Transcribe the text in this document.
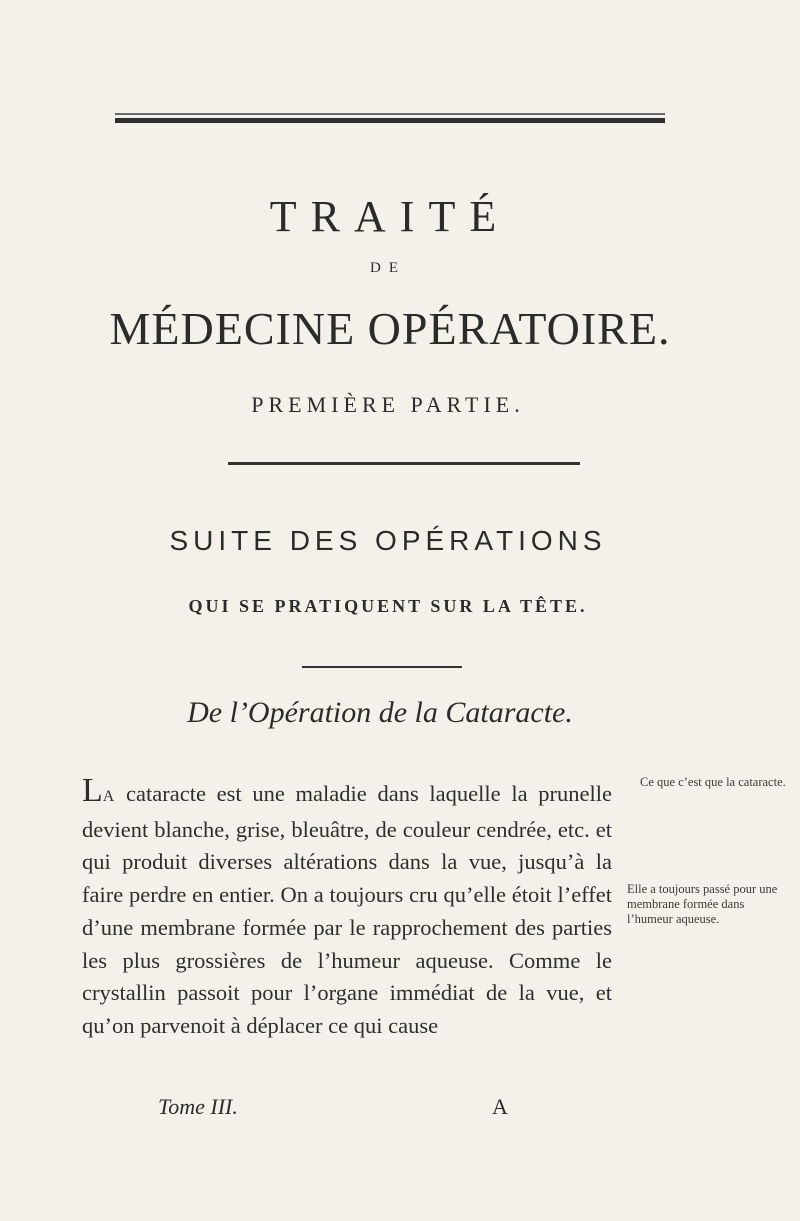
TRAITÉ
DE
MÉDECINE OPÉRATOIRE.
PREMIÈRE PARTIE.
SUITE DES OPÉRATIONS
QUI SE PRATIQUENT SUR LA TÊTE.
De l’Opération de la Cataracte.

LA cataracte est une maladie dans laquelle la prunelle devient blanche, grise, bleuâtre, de couleur cendrée, etc. et qui produit diverses altérations dans la vue, jusqu’à la faire perdre en entier. On a toujours cru qu’elle étoit l’effet d’une membrane formée par le rapprochement des parties les plus grossières de l’humeur aqueuse. Comme le crystallin passoit pour l’organe immédiat de la vue, et qu’on parvenoit à déplacer ce qui cause

Ce que c’est que la cataracte.
Elle a toujours passé pour une membrane formée dans l’humeur aqueuse.
Tome III.	A
